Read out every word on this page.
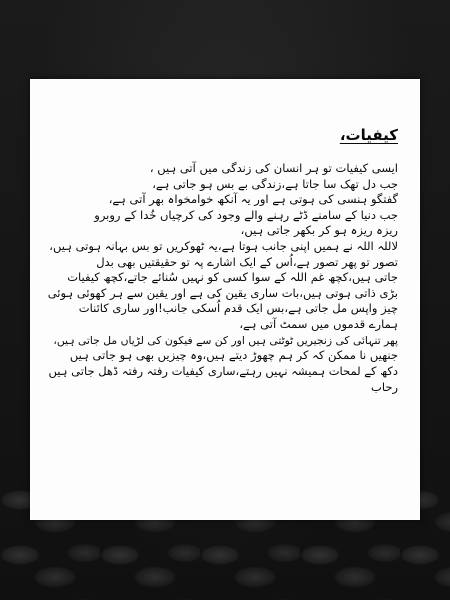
کیفیات،
ایسی کیفیات تو ہر انسان کی زندگی میں آتی ہیں ،
جب دل تھک سا جاتا ہے،زندگی بے بس ہو جاتی ہے،
گفتگو ہنسی کی ہوتی ہے اور یہ آنکھ خوامخواہ بھر آتی ہے،
جب دنیا کے سامنے ڈٹے رہنے والے وجود کی کرچیاں خُدا کے روبرو
ریزہ ریزہ ہو کر بکھر جاتی ہیں،
لاللہ اللہ نے ہمیں اپنی جانب ہوتا ہے،یہ ٹھوکریں تو بس بہانہ ہوتی ہیں،
تصور تو پھر تصور ہے،اُس کے ایک اشارے پہ تو حقیقتیں بھی بدل
جاتی ہیں،کچھ غم اللہ کے سوا کسی کو نہیں سُنائے جاتے،کچھ کیفیات
بڑی ذاتی ہوتی ہیں،بات ساری یقین کی ہے اور یقین سے ہر کھوئی ہوئی
چیز واپس مل جاتی ہے،بس ایک قدم اُسکی جانب!اور ساری کائنات
ہمارے قدموں میں سمٹ آتی ہے،
پھر تنہائی کی زنجیریں ٹوٹتی ہیں اور کن سے فیکون کی لڑیاں مل جاتی ہیں،
جنھیں نا ممکن کہ کر ہم چھوڑ دیتے ہیں،وہ چیزیں بھی ہو جاتی ہیں
دکھ کے لمحات ہمیشہ نہیں رہتے،ساری کیفیات رفتہ رفتہ ڈھل جاتی ہیں
رحاب
